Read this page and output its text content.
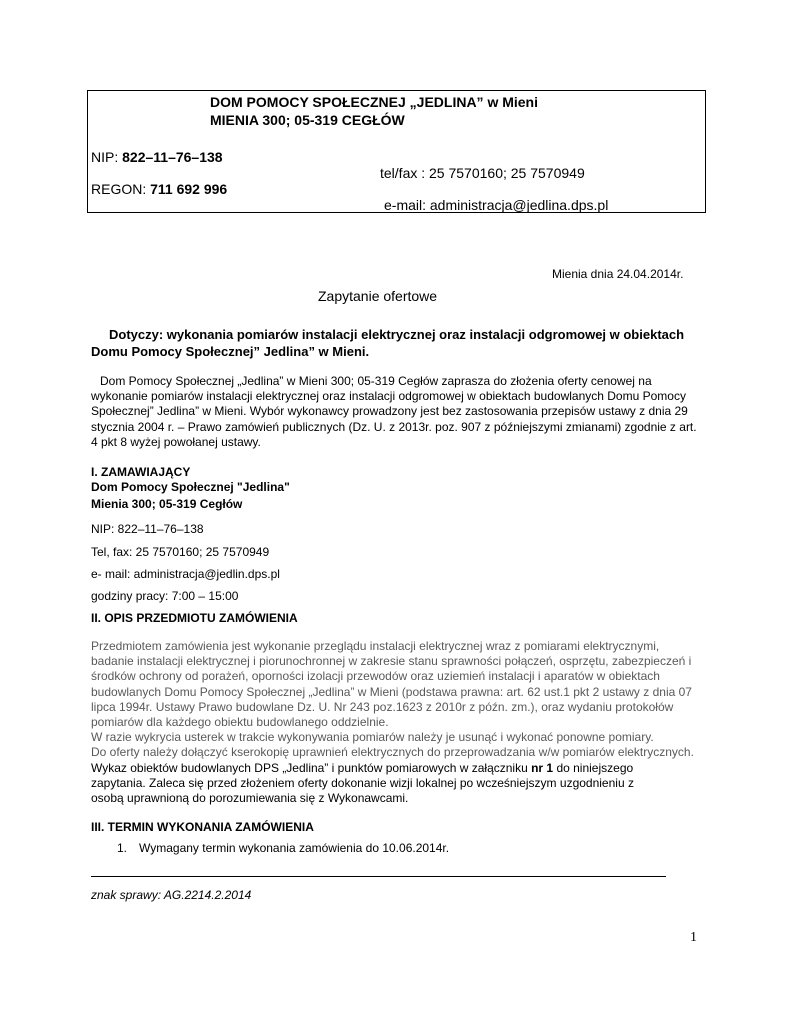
DOM POMOCY SPOŁECZNEJ „JEDLINA” w Mieni
MIENIA 300; 05-319 CEGŁÓW
NIP: 822–11–76–138
tel/fax : 25 7570160; 25 7570949
REGON: 711 692 996
e-mail: administracja@jedlina.dps.pl
Mienia dnia 24.04.2014r.
Zapytanie ofertowe
Dotyczy: wykonania pomiarów instalacji elektrycznej oraz instalacji odgromowej w obiektach
Domu Pomocy Społecznej” Jedlina” w Mieni.
Dom Pomocy Społecznej „Jedlina” w Mieni 300; 05-319 Cegłów zaprasza do złożenia oferty cenowej na
wykonanie pomiarów instalacji elektrycznej oraz instalacji odgromowej w obiektach budowlanych Domu Pomocy
Społecznej” Jedlina” w Mieni. Wybór wykonawcy prowadzony jest bez zastosowania przepisów ustawy z dnia 29
stycznia 2004 r. – Prawo zamówień publicznych (Dz. U. z 2013r. poz. 907 z późniejszymi zmianami) zgodnie z art.
4 pkt 8 wyżej powołanej ustawy.
I. ZAMAWIAJĄCY
Dom Pomocy Społecznej "Jedlina"
Mienia 300; 05-319 Cegłów
NIP: 822–11–76–138
Tel, fax: 25 7570160; 25 7570949
e- mail: administracja@jedlin.dps.pl
godziny pracy: 7:00 – 15:00
II. OPIS PRZEDMIOTU ZAMÓWIENIA
Przedmiotem zamówienia jest wykonanie przeglądu instalacji elektrycznej wraz z pomiarami elektrycznymi,
badanie instalacji elektrycznej i piorunochronnej w zakresie stanu sprawności połączeń, osprzętu, zabezpieczeń i
środków ochrony od porażeń, oporności izolacji przewodów oraz uziemień instalacji i aparatów w obiektach
budowlanych Domu Pomocy Społecznej „Jedlina” w Mieni (podstawa prawna: art. 62 ust.1 pkt 2 ustawy z dnia 07
lipca 1994r. Ustawy Prawo budowlane Dz. U. Nr 243 poz.1623 z 2010r z późn. zm.), oraz wydaniu protokołów
pomiarów dla każdego obiektu budowlanego oddzielnie.
W razie wykrycia usterek w trakcie wykonywania pomiarów należy je usunąć i wykonać ponowne pomiary.
Do oferty należy dołączyć kserokopię uprawnień elektrycznych do przeprowadzania w/w pomiarów elektrycznych.
Wykaz obiektów budowlanych DPS „Jedlina” i punktów pomiarowych w załączniku nr 1 do niniejszego
zapytania. Zaleca się przed złożeniem oferty dokonanie wizji lokalnej po wcześniejszym uzgodnieniu z
osobą uprawnioną do porozumiewania się z Wykonawcami.
III. TERMIN WYKONANIA ZAMÓWIENIA
1. Wymagany termin wykonania zamówienia do 10.06.2014r.
znak sprawy: AG.2214.2.2014
1
